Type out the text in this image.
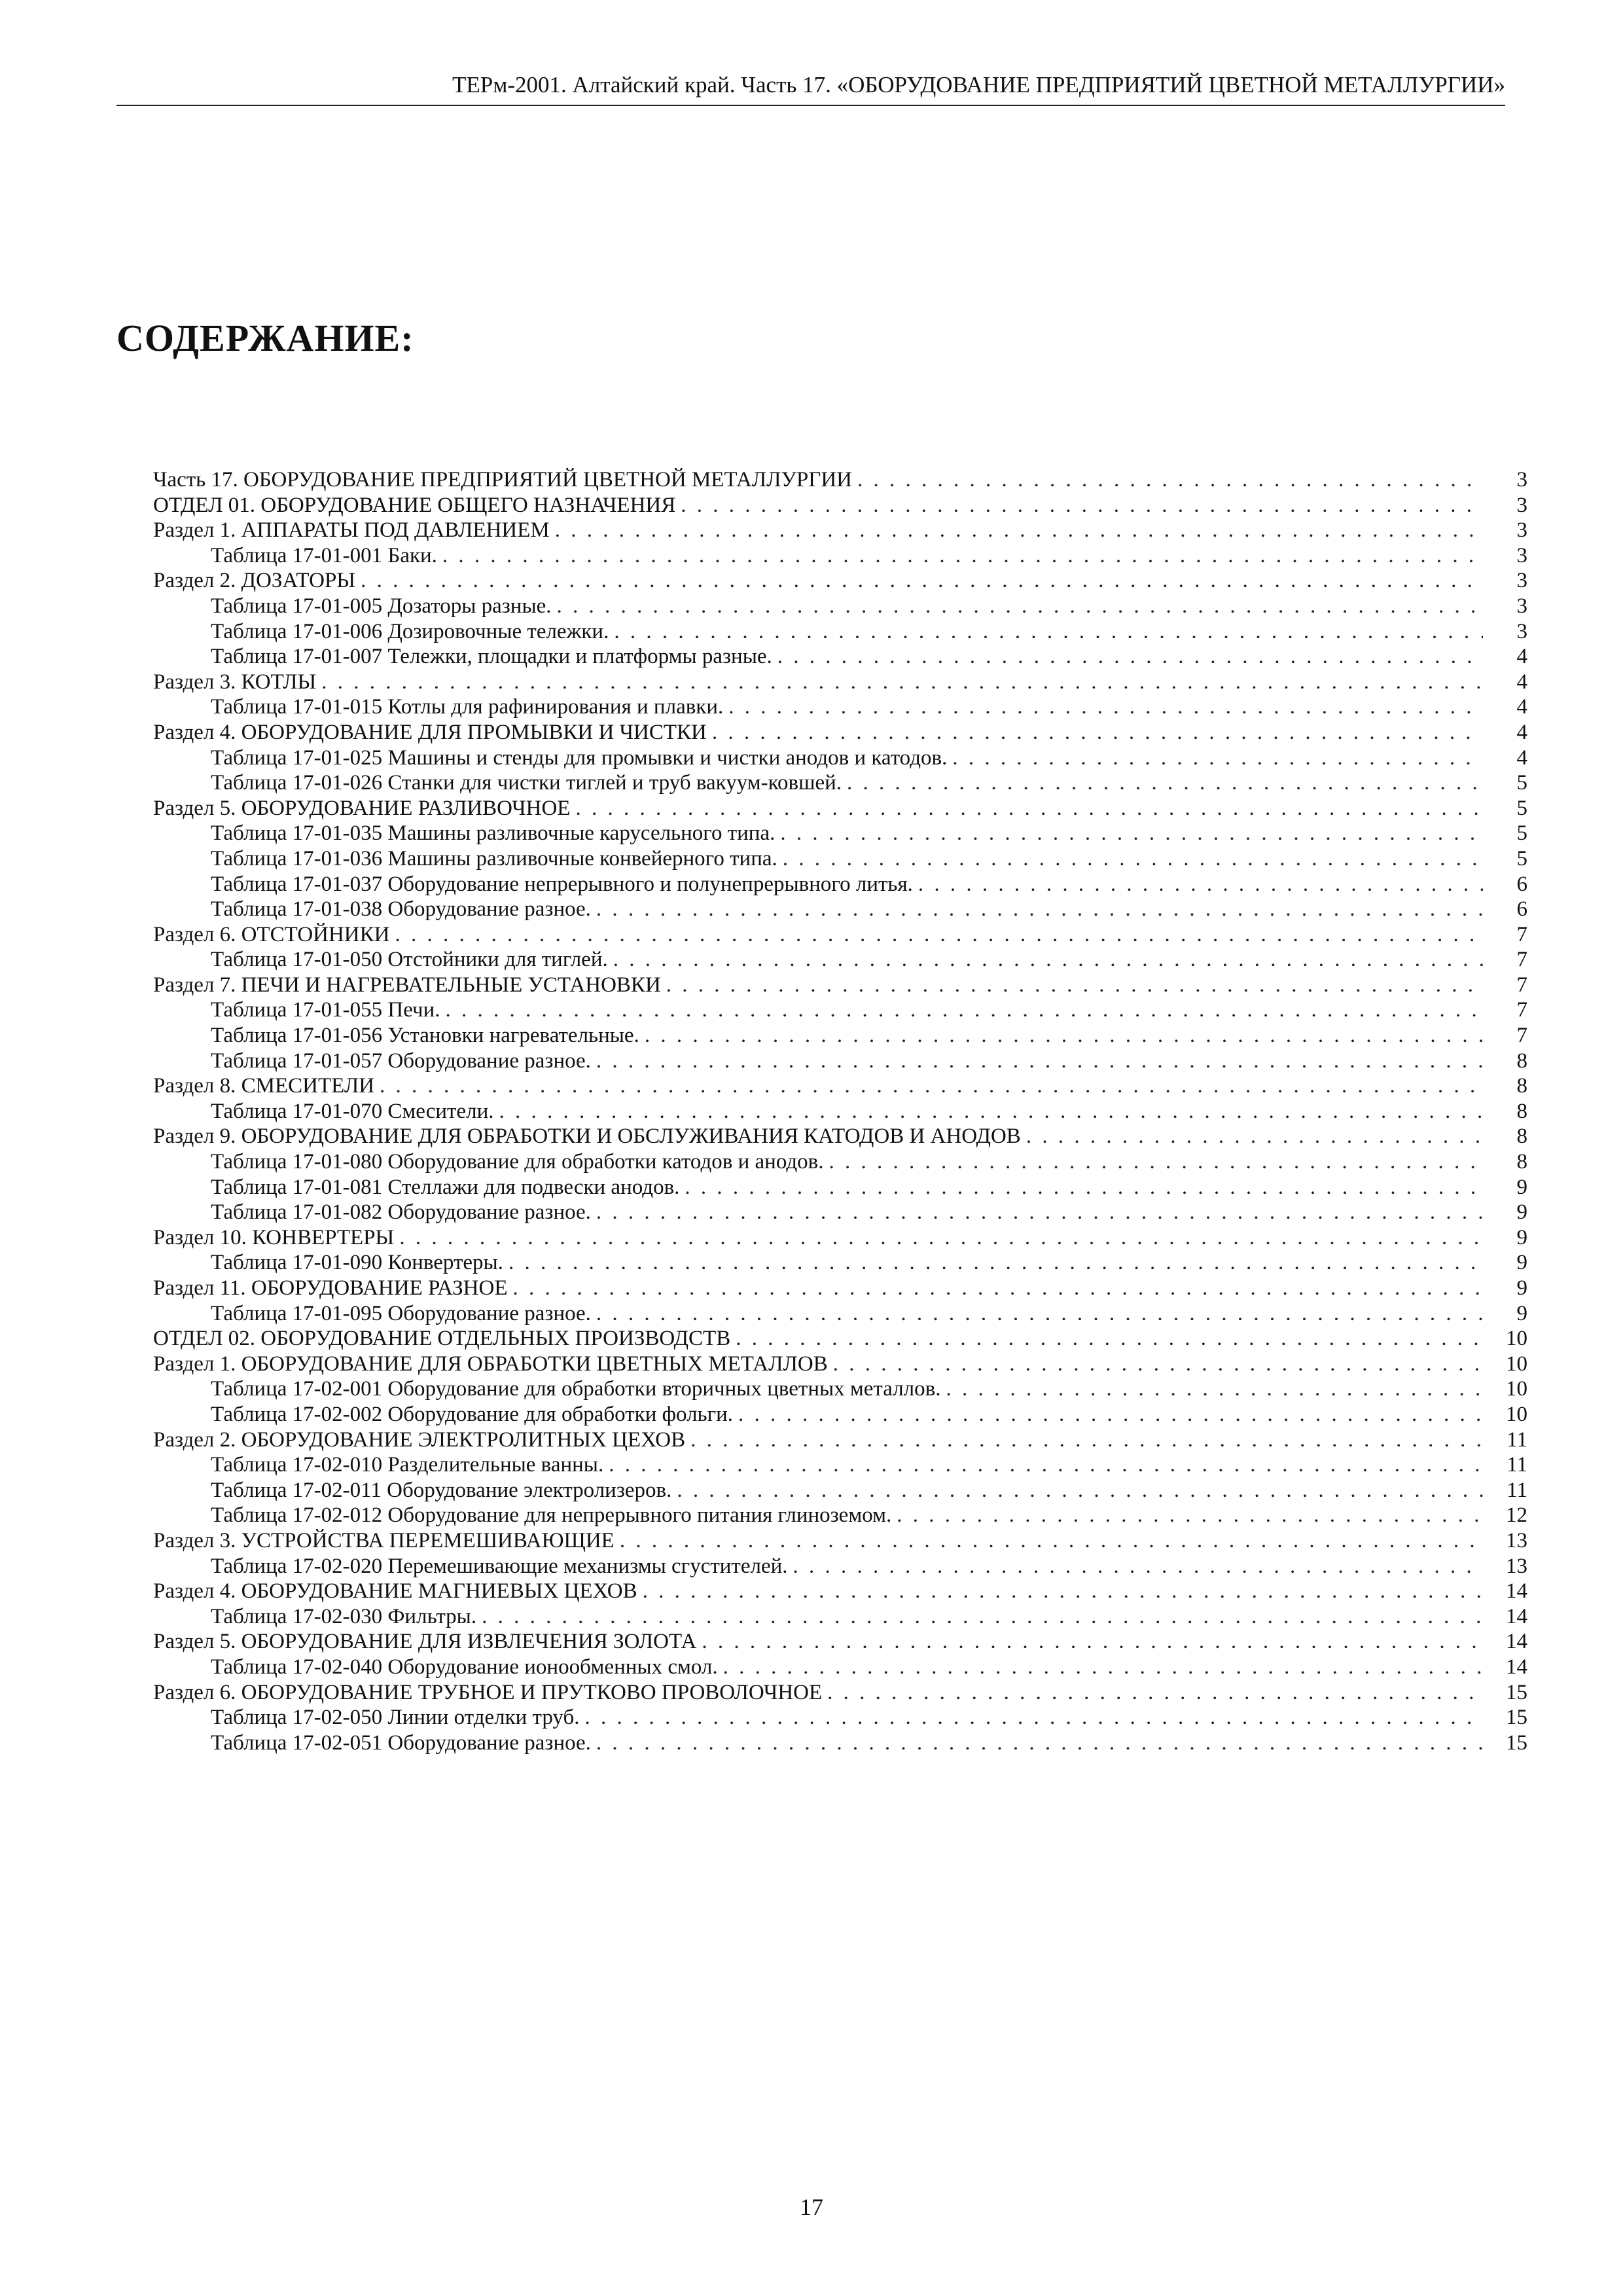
ТЕРм-2001. Алтайский край. Часть 17. «ОБОРУДОВАНИЕ ПРЕДПРИЯТИЙ ЦВЕТНОЙ МЕТАЛЛУРГИИ»
СОДЕРЖАНИЕ:
Часть 17. ОБОРУДОВАНИЕ ПРЕДПРИЯТИЙ ЦВЕТНОЙ МЕТАЛЛУРГИИ . . .	3
ОТДЕЛ 01. ОБОРУДОВАНИЕ ОБЩЕГО НАЗНАЧЕНИЯ . . .	3
Раздел 1. АППАРАТЫ ПОД ДАВЛЕНИЕМ . . .	3
Таблица 17-01-001 Баки. . . .	3
Раздел 2. ДОЗАТОРЫ . . .	3
Таблица 17-01-005 Дозаторы разные. . . .	3
Таблица 17-01-006 Дозировочные тележки. . . .	3
Таблица 17-01-007 Тележки, площадки и платформы разные. . . .	4
Раздел 3. КОТЛЫ . . .	4
Таблица 17-01-015 Котлы для рафинирования и плавки. . . .	4
Раздел 4. ОБОРУДОВАНИЕ ДЛЯ ПРОМЫВКИ И ЧИСТКИ . . .	4
Таблица 17-01-025 Машины и стенды для промывки и чистки анодов и катодов. . . .	4
Таблица 17-01-026 Станки для чистки тиглей и труб вакуум-ковшей. . . .	5
Раздел 5. ОБОРУДОВАНИЕ РАЗЛИВОЧНОЕ . . .	5
Таблица 17-01-035 Машины разливочные карусельного типа. . . .	5
Таблица 17-01-036 Машины разливочные конвейерного типа. . . .	5
Таблица 17-01-037 Оборудование непрерывного и полунепрерывного литья. . . .	6
Таблица 17-01-038 Оборудование разное. . . .	6
Раздел 6. ОТСТОЙНИКИ . . .	7
Таблица 17-01-050 Отстойники для тиглей. . . .	7
Раздел 7. ПЕЧИ И НАГРЕВАТЕЛЬНЫЕ УСТАНОВКИ . . .	7
Таблица 17-01-055 Печи. . . .	7
Таблица 17-01-056 Установки нагревательные. . . .	7
Таблица 17-01-057 Оборудование разное. . . .	8
Раздел 8. СМЕСИТЕЛИ . . .	8
Таблица 17-01-070 Смесители. . . .	8
Раздел 9. ОБОРУДОВАНИЕ ДЛЯ ОБРАБОТКИ И ОБСЛУЖИВАНИЯ КАТОДОВ И АНОДОВ . . .	8
Таблица 17-01-080 Оборудование для обработки катодов и анодов. . . .	8
Таблица 17-01-081 Стеллажи для подвески анодов. . . .	9
Таблица 17-01-082 Оборудование разное. . . .	9
Раздел 10. КОНВЕРТЕРЫ . . .	9
Таблица 17-01-090 Конвертеры. . . .	9
Раздел 11. ОБОРУДОВАНИЕ РАЗНОЕ . . .	9
Таблица 17-01-095 Оборудование разное. . . .	9
ОТДЕЛ 02. ОБОРУДОВАНИЕ ОТДЕЛЬНЫХ ПРОИЗВОДСТВ . . .	10
Раздел 1. ОБОРУДОВАНИЕ ДЛЯ ОБРАБОТКИ ЦВЕТНЫХ МЕТАЛЛОВ . . .	10
Таблица 17-02-001 Оборудование для обработки вторичных цветных металлов. . . .	10
Таблица 17-02-002 Оборудование для обработки фольги. . . .	10
Раздел 2. ОБОРУДОВАНИЕ ЭЛЕКТРОЛИТНЫХ ЦЕХОВ . . .	11
Таблица 17-02-010 Разделительные ванны. . . .	11
Таблица 17-02-011 Оборудование электролизеров. . . .	11
Таблица 17-02-012 Оборудование для непрерывного питания глиноземом. . . .	12
Раздел 3. УСТРОЙСТВА ПЕРЕМЕШИВАЮЩИЕ . . .	13
Таблица 17-02-020 Перемешивающие механизмы сгустителей. . . .	13
Раздел 4. ОБОРУДОВАНИЕ МАГНИЕВЫХ ЦЕХОВ . . .	14
Таблица 17-02-030 Фильтры. . . .	14
Раздел 5. ОБОРУДОВАНИЕ ДЛЯ ИЗВЛЕЧЕНИЯ ЗОЛОТА . . .	14
Таблица 17-02-040 Оборудование ионообменных смол. . . .	14
Раздел 6. ОБОРУДОВАНИЕ ТРУБНОЕ И ПРУТКОВО ПРОВОЛОЧНОЕ . . .	15
Таблица 17-02-050 Линии отделки труб. . . .	15
Таблица 17-02-051 Оборудование разное. . . .	15
17
